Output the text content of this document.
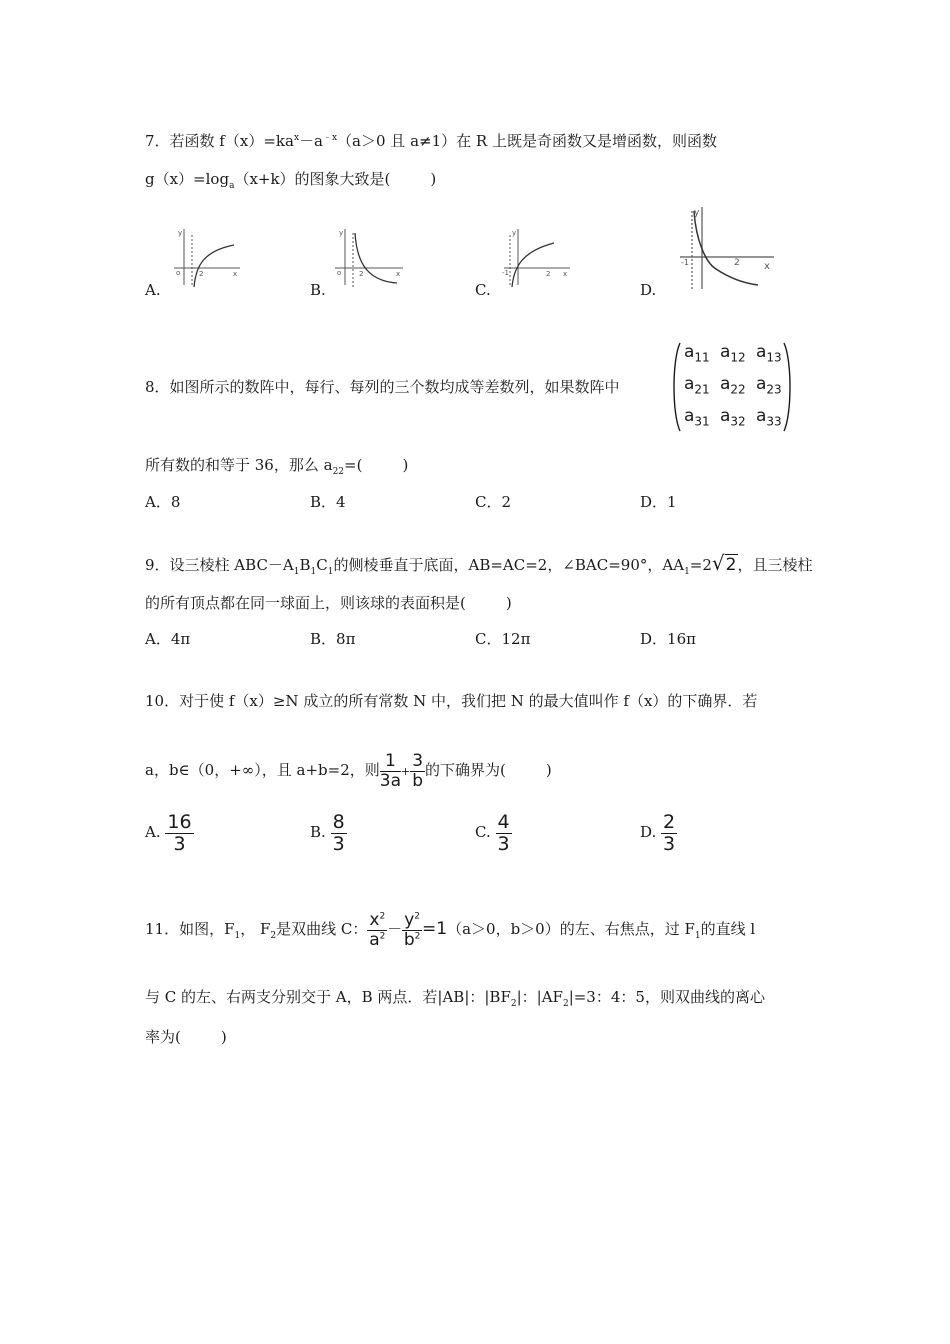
7．若函数 $f(x)=ka^x-a^{﹣x}(a>0$ 且 a≠1）在 R 上既是奇函数又是增函数，则函数
$g(x)=\log_a(x+k)$的图象大致是(	)
y
o	2	x
A.
y
o	2	x
B.
y
-1	2 x
C.
y
-1	2 x
D.
8．如图所示的数阵中，每行、每列的三个数均成等差数列，如果数阵中
$a_{11}$ $a_{12}$ $a_{13}$
$a_{21}$ $a_{22}$ $a_{23}$
$a_{31}$ $a_{32}$ $a_{33}$
所有数的和等于 36，那么 $a_{22}=$(	)
A．8	B．4	C．2	D．1
9．设三棱柱 $ABC-A_1B_1C_1$的侧棱垂直于底面，AB=AC=2，∠BAC=90°，$AA_1=2√2$，且三棱柱
的所有顶点都在同一球面上，则该球的表面积是(	)
A．4π	B．8π	C．12π	D．16π
10．对于使 f（x）≥N 成立的所有常数 N 中，我们把 N 的最大值叫作 f（x）的下确界．若
a，b∈（0，+∞），且 a+b=2，则 $\frac{1}{3a} + \frac{3}{b}$ 的下确界为(	)
A. $\frac{16}{3}$	B. $\frac{8}{3}$	C. $\frac{4}{3}$	D. $\frac{2}{3}$
11．如图，$F_1$， $F_2$是双曲线 C： $\frac{x^2}{a^2} - \frac{y^2}{b^2} =1(a>0$，b＞0）的左、右焦点，过 $F_1$的直线 l
与 C 的左、右两支分别交于 A，B 两点．若|AB|：$|BF_2|$：$|AF_2|=3$：4：5，则双曲线的离心
率为(	)
